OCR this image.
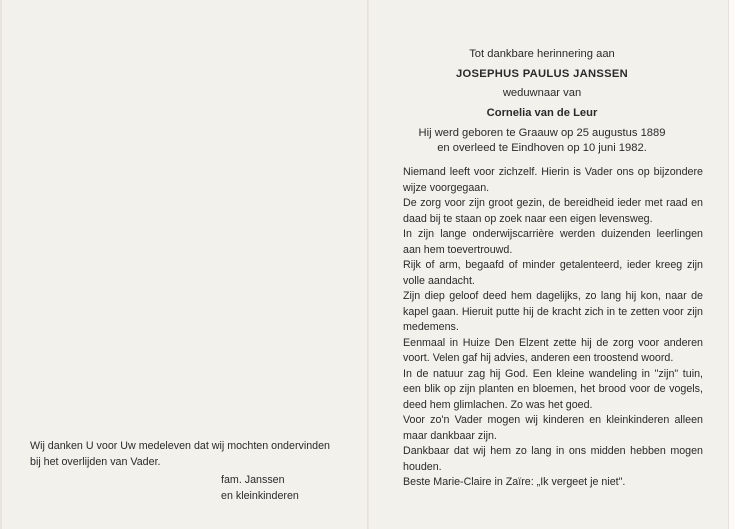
Wij danken U voor Uw medeleven dat wij mochten ondervinden bij het overlijden van Vader.

fam. Janssen
en kleinkinderen
Tot dankbare herinnering aan
JOSEPHUS PAULUS JANSSEN
weduwnaar van
Cornelia van de Leur
Hij werd geboren te Graauw op 25 augustus 1889
en overleed te Eindhoven op 10 juni 1982.

Niemand leeft voor zichzelf. Hierin is Vader ons op bijzondere wijze voorgegaan.

De zorg voor zijn groot gezin, de bereidheid ieder met raad en daad bij te staan op zoek naar een eigen levensweg.

In zijn lange onderwijscarrière werden duizenden leerlingen aan hem toevertrouwd.

Rijk of arm, begaafd of minder getalenteerd, ieder kreeg zijn volle aandacht.

Zijn diep geloof deed hem dagelijks, zo lang hij kon, naar de kapel gaan. Hieruit putte hij de kracht zich in te zetten voor zijn medemens.

Eenmaal in Huize Den Elzent zette hij de zorg voor anderen voort. Velen gaf hij advies, anderen een troostend woord.

In de natuur zag hij God. Een kleine wandeling in "zijn" tuin, een blik op zijn planten en bloemen, het brood voor de vogels, deed hem glimlachen. Zo was het goed.

Voor zo'n Vader mogen wij kinderen en kleinkinderen alleen maar dankbaar zijn.

Dankbaar dat wij hem zo lang in ons midden hebben mogen houden.

Beste Marie-Claire in Zaïre: „Ik vergeet je niet".
